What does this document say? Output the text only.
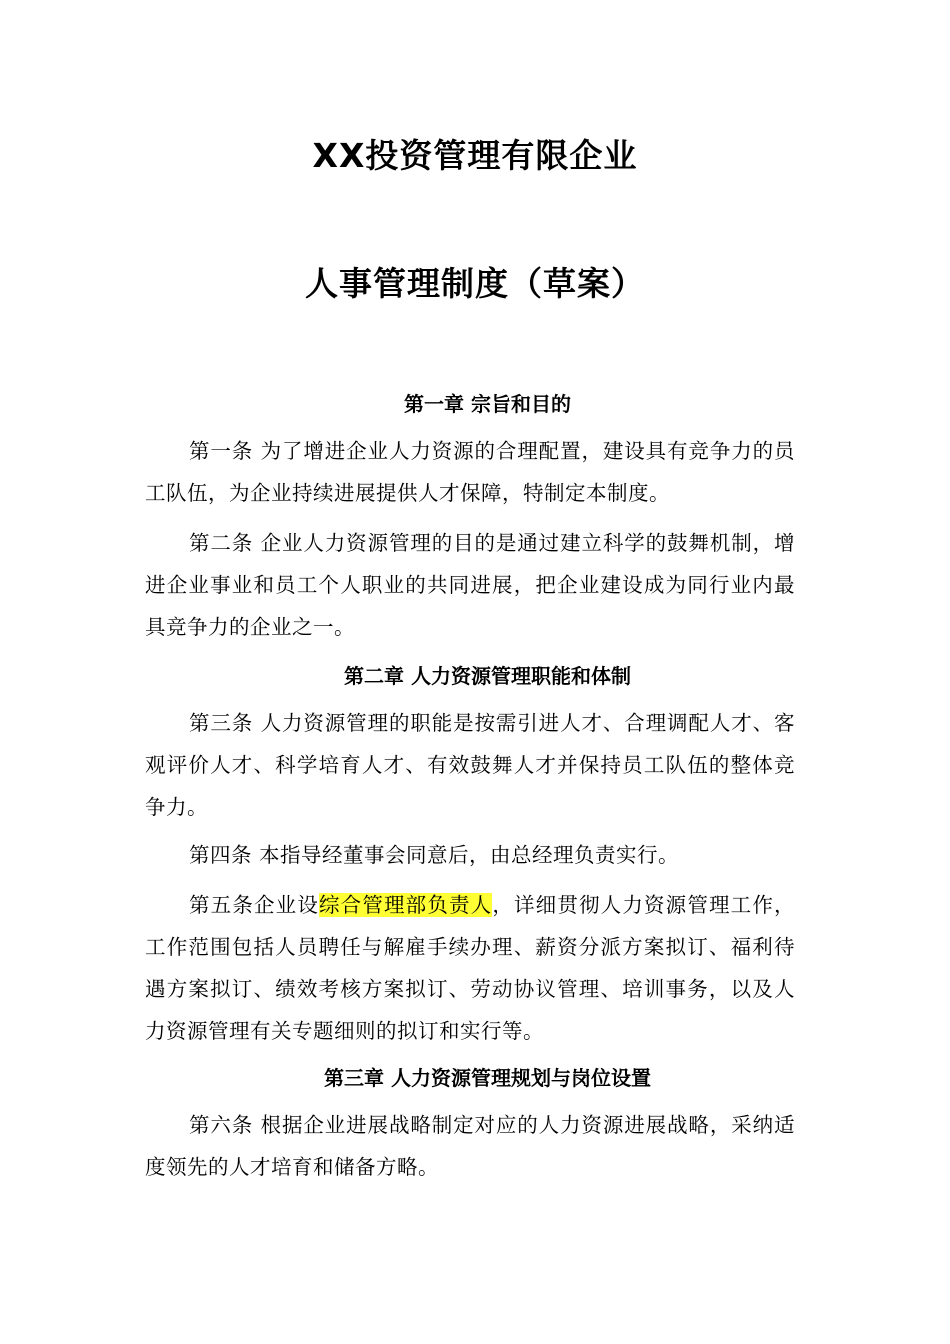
XX投资管理有限企业
人事管理制度（草案）
第一章 宗旨和目的
第一条 为了增进企业人力资源的合理配置，建设具有竞争力的员工队伍，为企业持续进展提供人才保障，特制定本制度。
第二条 企业人力资源管理的目的是通过建立科学的鼓舞机制，增进企业事业和员工个人职业的共同进展，把企业建设成为同行业内最具竞争力的企业之一。
第二章 人力资源管理职能和体制
第三条 人力资源管理的职能是按需引进人才、合理调配人才、客观评价人才、科学培育人才、有效鼓舞人才并保持员工队伍的整体竞争力。
第四条 本指导经董事会同意后，由总经理负责实行。
第五条企业设综合管理部负责人，详细贯彻人力资源管理工作，工作范围包括人员聘任与解雇手续办理、薪资分派方案拟订、福利待遇方案拟订、绩效考核方案拟订、劳动协议管理、培训事务，以及人力资源管理有关专题细则的拟订和实行等。
第三章 人力资源管理规划与岗位设置
第六条 根据企业进展战略制定对应的人力资源进展战略，采纳适度领先的人才培育和储备方略。
